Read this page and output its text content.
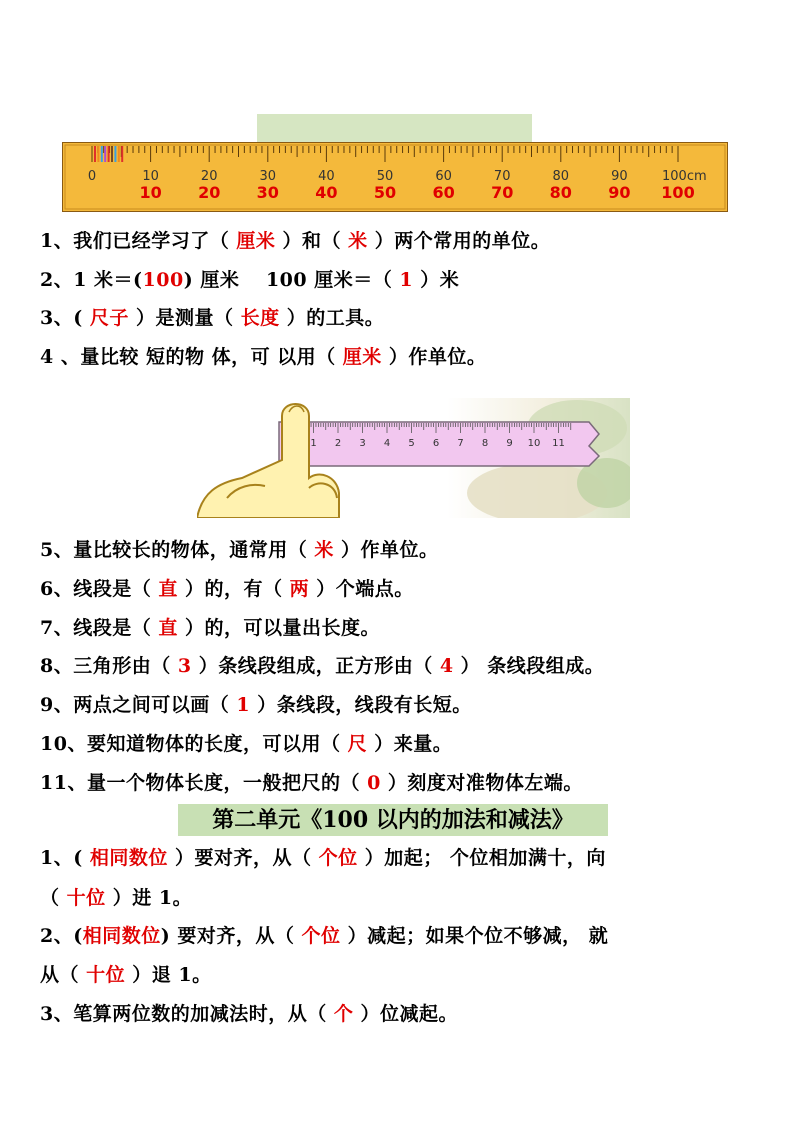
0	10	20	30	40	50	60	70	80	90
10 20 30 40 50 60 70 80 90 100
100cm
1、我们已经学习了（ 厘米 ）和（ 米 ）两个常用的单位。
2、1 米＝(100) 厘米　 100 厘米＝（ 1 ）米
3、( 尺子 ）是测量（ 长度 ）的工具。
4 、量比较 短的物 体，可 以用（ 厘米 ）作单位。
1 2 3 4 5 6 7 8 9 10 11
5、量比较长的物体，通常用（ 米 ）作单位。
6、线段是（ 直 ）的，有（ 两 ）个端点。
7、线段是（ 直 ）的，可以量出长度。
8、三角形由（ 3 ）条线段组成，正方形由（ 4 ） 条线段组成。
9、两点之间可以画（ 1 ）条线段，线段有长短。
10、要知道物体的长度，可以用（ 尺 ）来量。
11、量一个物体长度，一般把尺的（ 0 ）刻度对准物体左端。
第二单元《100 以内的加法和减法》
1、( 相同数位 ）要对齐，从（ 个位 ）加起； 个位相加满十，向
（ 十位 ）进 1。
2、(相同数位) 要对齐，从（ 个位 ）减起；如果个位不够减， 就
从（ 十位 ）退 1。
3、笔算两位数的加减法时，从（ 个 ）位减起。
